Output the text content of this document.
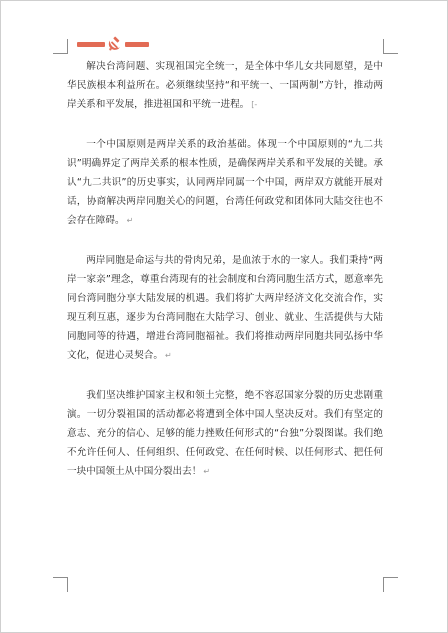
解决台湾问题、实现祖国完全统一，是全体中华儿女共同愿望，是中华民族根本利益所在。必须继续坚持“和平统一、一国两制”方针，推动两岸关系和平发展，推进祖国和平统一进程。 [-

一个中国原则是两岸关系的政治基础。体现一个中国原则的“九二共识”明确界定了两岸关系的根本性质，是确保两岸关系和平发展的关键。承认“九二共识”的历史事实，认同两岸同属一个中国，两岸双方就能开展对话，协商解决两岸同胞关心的问题，台湾任何政党和团体同大陆交往也不会存在障碍。 ↵

两岸同胞是命运与共的骨肉兄弟，是血浓于水的一家人。我们秉持“两岸一家亲”理念，尊重台湾现有的社会制度和台湾同胞生活方式，愿意率先同台湾同胞分享大陆发展的机遇。我们将扩大两岸经济文化交流合作，实现互利互惠，逐步为台湾同胞在大陆学习、创业、就业、生活提供与大陆同胞同等的待遇，增进台湾同胞福祉。我们将推动两岸同胞共同弘扬中华文化，促进心灵契合。 ↵

我们坚决维护国家主权和领土完整，绝不容忍国家分裂的历史悲剧重演。一切分裂祖国的活动都必将遭到全体中国人坚决反对。我们有坚定的意志、充分的信心、足够的能力挫败任何形式的“台独”分裂图谋。我们绝不允许任何人、任何组织、任何政党、在任何时候、以任何形式、把任何一块中国领土从中国分裂出去！ ↵
